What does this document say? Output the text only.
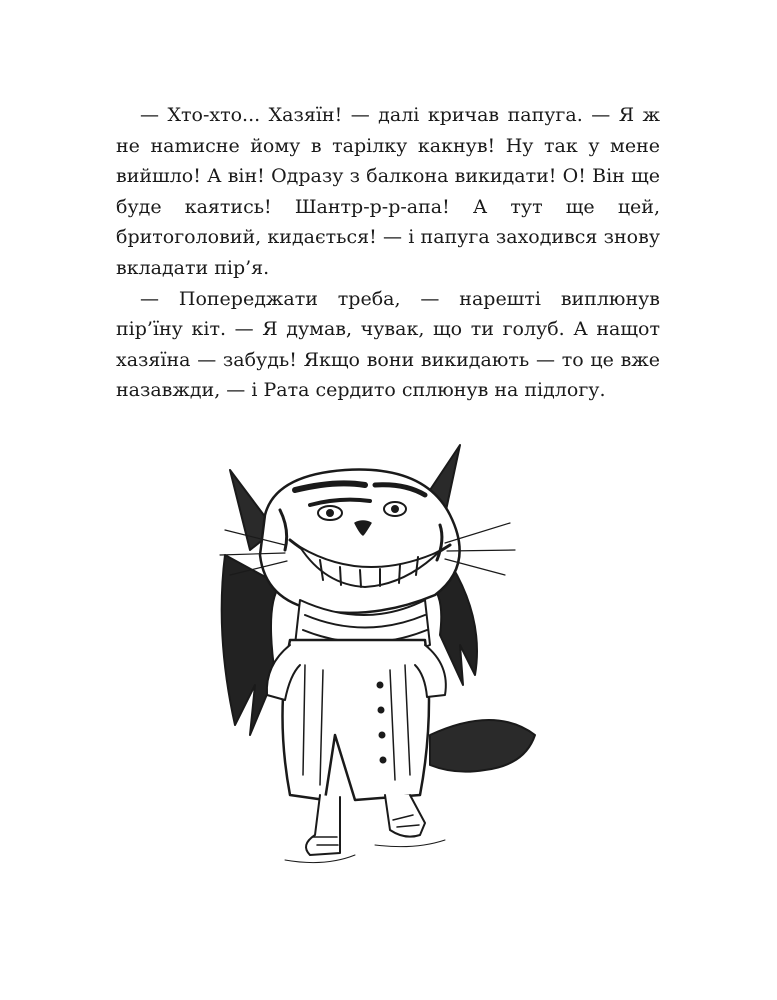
— Хто-хто... Хазяїн! — далі кричав папуга. — Я ж не наmисне йому в тарілку какнув! Ну так у мене вийшло! А він! Одразу з балкона викидати! О! Він ще буде каятись! Шантр-р-р-апа! А тут ще цей, бритоголовий, кидається! — і папуга заходився знову вкладати пір’я.

— Попереджати треба, — нарешті виплюнув пір’їну кіт. — Я думав, чувак, що ти голуб. А нащот хазяїна — забудь! Якщо вони викидають — то це вже назавжди, — і Рата сердито сплюнув на підлогу.
